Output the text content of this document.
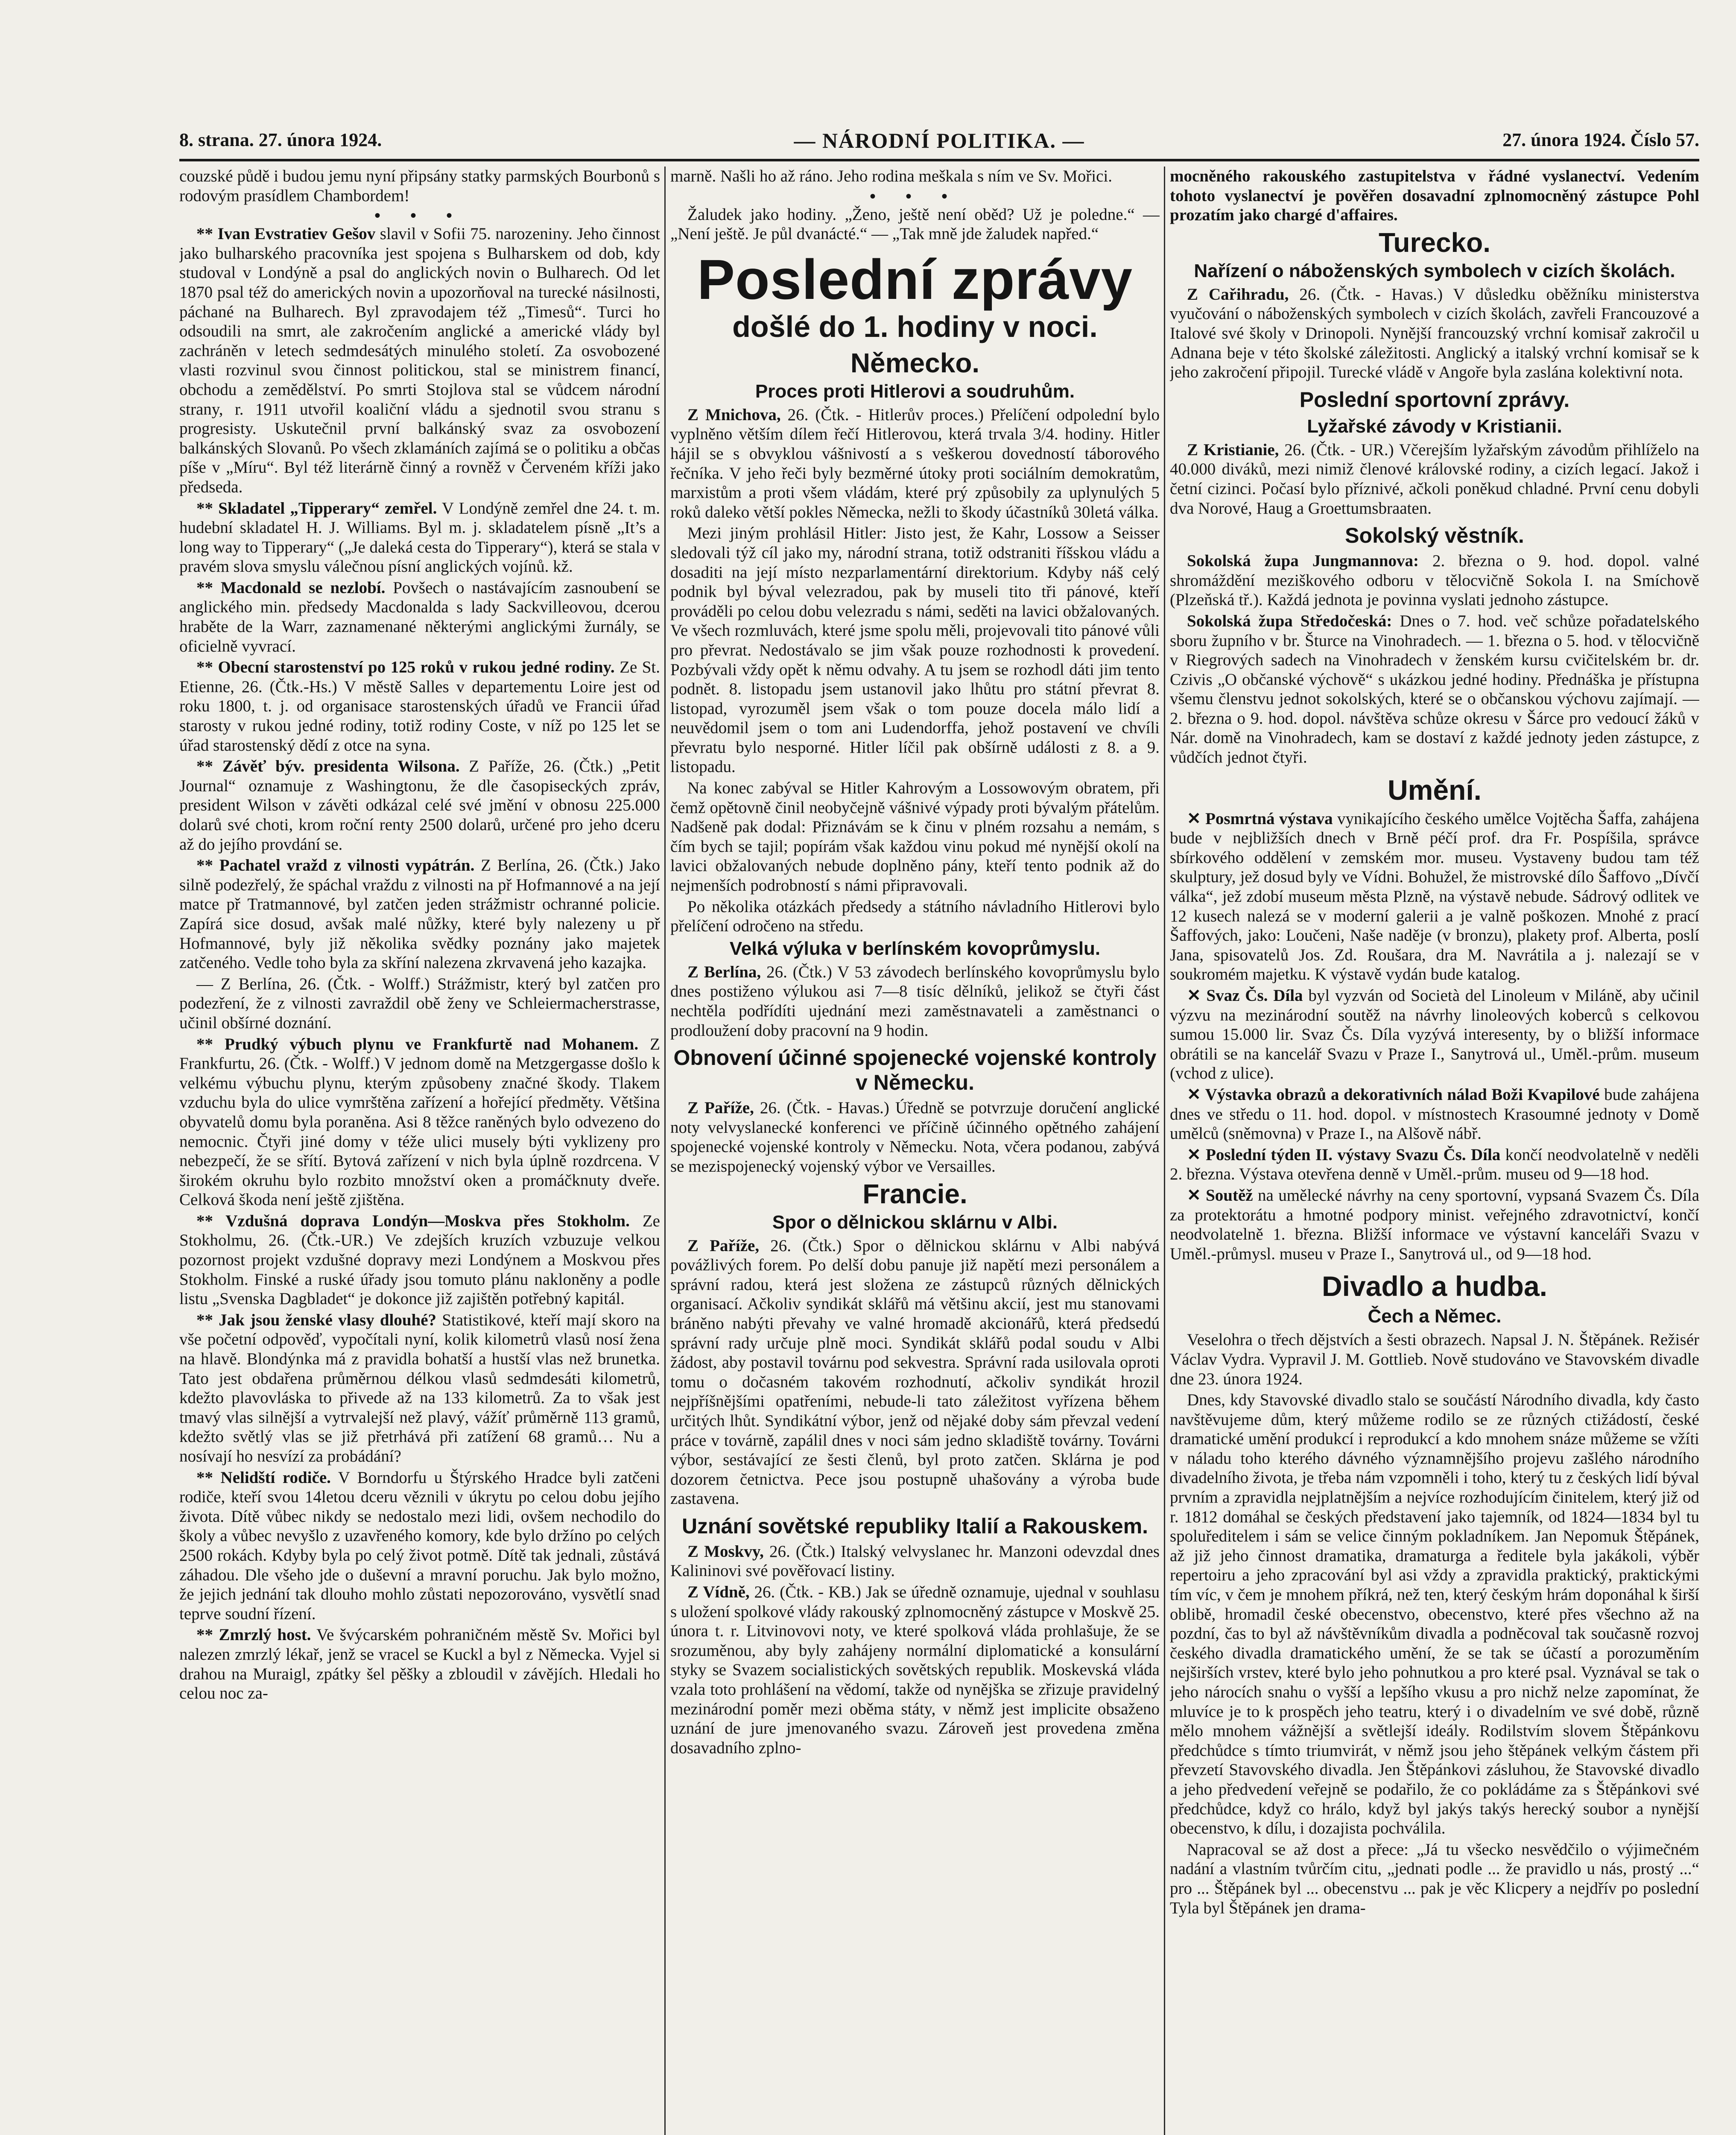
8. strana. 27. února 1924.	— NÁRODNÍ POLITIKA. —	27. února 1924. Číslo 57.

couzské půdě i budou jemu nyní připsány statky parmských Bourbonů s rodovým prasídlem Chambordem!

• • •

** Ivan Evstratiev Gešov slavil v Sofii 75. narozeniny. Jeho činnost jako bulharského pracovníka jest spojena s Bulharskem od dob, kdy studoval v Londýně a psal do anglických novin o Bulharech. Od let 1870 psal též do amerických novin a upozorňoval na turecké násilnosti, páchané na Bulharech. Byl zpravodajem též „Timesů“. Turci ho odsoudili na smrt, ale zakročením anglické a americké vlády byl zachráněn v letech sedmdesátých minulého století. Za osvobozené vlasti rozvinul svou činnost politickou, stal se ministrem financí, obchodu a zemědělství. Po smrti Stojlova stal se vůdcem národní strany, r. 1911 utvořil koaliční vládu a sjednotil svou stranu s progresisty. Uskutečnil první balkánský svaz za osvobození balkánských Slovanů. Po všech zklamáních zajímá se o politiku a občas píše v „Míru“. Byl též literárně činný a rovněž v Červeném kříži jako předseda.

** Skladatel „Tipperary“ zemřel. V Londýně zemřel dne 24. t. m. hudební skladatel H. J. Williams. Byl m. j. skladatelem písně „It’s a long way to Tipperary“ („Je daleká cesta do Tipperary“), která se stala v pravém slova smyslu válečnou písní anglických vojínů. kž.

** Macdonald se nezlobí. Povšech o nastávajícím zasnoubení se anglického min. předsedy Macdonalda s lady Sackvilleovou, dcerou hraběte de la Warr, zaznamenané některými anglickými žurnály, se oficielně vyvrací.

** Obecní starostenství po 125 roků v rukou jedné rodiny. Ze St. Etienne, 26. (Čtk.-Hs.) V městě Salles v departementu Loire jest od roku 1800, t. j. od organisace starostenských úřadů ve Francii úřad starosty v rukou jedné rodiny, totiž rodiny Coste, v níž po 125 let se úřad starostenský dědí z otce na syna.

** Závěť býv. presidenta Wilsona. Z Paříže, 26. (Čtk.) „Petit Journal“ oznamuje z Washingtonu, že dle časopiseckých zpráv, president Wilson v závěti odkázal celé své jmění v obnosu 225.000 dolarů své choti, krom roční renty 2500 dolarů, určené pro jeho dceru až do jejího provdání se.

** Pachatel vražd z vilnosti vypátrán. Z Berlína, 26. (Čtk.) Jako silně podezřelý, že spáchal vraždu z vilnosti na př Hofmannové a na její matce př Tratmannové, byl zatčen jeden strážmistr ochranné policie. Zapírá sice dosud, avšak malé nůžky, které byly nalezeny u př Hofmannové, byly již několika svědky poznány jako majetek zatčeného. Vedle toho byla za skříní nalezena zkrvavená jeho kazajka.

— Z Berlína, 26. (Čtk. - Wolff.) Strážmistr, který byl zatčen pro podezření, že z vilnosti zavraždil obě ženy ve Schleiermacherstrasse, učinil obšírné doznání.

** Prudký výbuch plynu ve Frankfurtě nad Mohanem. Z Frankfurtu, 26. (Čtk. - Wolff.) V jednom domě na Metzgergasse došlo k velkému výbuchu plynu, kterým způsobeny značné škody. Tlakem vzduchu byla do ulice vymrštěna zařízení a hořející předměty. Většina obyvatelů domu byla poraněna. Asi 8 těžce raněných bylo odvezeno do nemocnic. Čtyři jiné domy v téže ulici musely býti vyklizeny pro nebezpečí, že se sřítí. Bytová zařízení v nich byla úplně rozdrcena. V širokém okruhu bylo rozbito množství oken a promáčknuty dveře. Celková škoda není ještě zjištěna.

** Vzdušná doprava Londýn—Moskva přes Stokholm. Ze Stokholmu, 26. (Čtk.-UR.) Ve zdejších kruzích vzbuzuje velkou pozornost projekt vzdušné dopravy mezi Londýnem a Moskvou přes Stokholm. Finské a ruské úřady jsou tomuto plánu nakloněny a podle listu „Svenska Dagbladet“ je dokonce již zajištěn potřebný kapitál.

** Jak jsou ženské vlasy dlouhé? Statistikové, kteří mají skoro na vše početní odpověď, vypočítali nyní, kolik kilometrů vlasů nosí žena na hlavě. Blondýnka má z pravidla bohatší a hustší vlas než brunetka. Tato jest obdařena průměrnou délkou vlasů sedmdesáti kilometrů, kdežto plavovláska to přivede až na 133 kilometrů. Za to však jest tmavý vlas silnější a vytrvalejší než plavý, vážíť průměrně 113 gramů, kdežto světlý vlas se již přetrhává při zatížení 68 gramů… Nu a nosívají ho nesvízí za probádání?

** Nelidští rodiče. V Borndorfu u Štýrského Hradce byli zatčeni rodiče, kteří svou 14letou dceru věznili v úkrytu po celou dobu jejího života. Dítě vůbec nikdy se nedostalo mezi lidi, ovšem nechodilo do školy a vůbec nevyšlo z uzavřeného komory, kde bylo držíno po celých 2500 rokách. Kdyby byla po celý život potmě. Dítě tak jednali, zůstává záhadou. Dle všeho jde o duševní a mravní poruchu. Jak bylo možno, že jejich jednání tak dlouho mohlo zůstati nepozorováno, vysvětlí snad teprve soudní řízení.

** Zmrzlý host. Ve švýcarském pohraničném městě Sv. Mořici byl nalezen zmrzlý lékař, jenž se vracel se Kuckl a byl z Německa. Vyjel si drahou na Muraigl, zpátky šel pěšky a zbloudil v závějích. Hledali ho celou noc za-

marně. Našli ho až ráno. Jeho rodina meškala s ním ve Sv. Mořici.

• • •

Žaludek jako hodiny. „Ženo, ještě není oběd? Už je poledne.“ — „Není ještě. Je půl dvanácté.“ — „Tak mně jde žaludek napřed.“

Poslední zprávy
došlé do 1. hodiny v noci.
Německo.
Proces proti Hitlerovi a soudruhům.

Z Mnichova, 26. (Čtk. - Hitlerův proces.) Přelíčení odpolední bylo vyplněno větším dílem řečí Hitlerovou, která trvala 3/4. hodiny. Hitler hájil se s obvyklou vášnivostí a s veškerou dovedností táborového řečníka. V jeho řeči byly bezměrné útoky proti sociálním demokratům, marxistům a proti všem vládám, které prý způsobily za uplynulých 5 roků daleko větší pokles Německa, nežli to škody účastníků 30letá válka.

Mezi jiným prohlásil Hitler: Jisto jest, že Kahr, Lossow a Seisser sledovali týž cíl jako my, národní strana, totiž odstraniti říšskou vládu a dosaditi na její místo nezparlamentární direktorium. Kdyby náš celý podnik byl býval velezradou, pak by museli tito tři pánové, kteří prováděli po celou dobu velezradu s námi, seděti na lavici obžalovaných. Ve všech rozmluvách, které jsme spolu měli, projevovali tito pánové vůli pro převrat. Nedostávalo se jim však pouze rozhodnosti k provedení. Pozbývali vždy opět k němu odvahy. A tu jsem se rozhodl dáti jim tento podnět. 8. listopadu jsem ustanovil jako lhůtu pro státní převrat 8. listopad, vyrozuměl jsem však o tom pouze docela málo lidí a neuvědomil jsem o tom ani Ludendorffa, jehož postavení ve chvíli převratu bylo nesporné. Hitler líčil pak obšírně události z 8. a 9. listopadu.

Na konec zabýval se Hitler Kahrovým a Lossowovým obratem, při čemž opětovně činil neobyčejně vášnivé výpady proti bývalým přátelům. Nadšeně pak dodal: Přiznávám se k činu v plném rozsahu a nemám, s čím bych se tajil; popírám však každou vinu pokud mé nynější okolí na lavici obžalovaných nebude doplněno pány, kteří tento podnik až do nejmenších podrobností s námi připravovali.

Po několika otázkách předsedy a státního návladního Hitlerovi bylo přelíčení odročeno na středu.

Velká výluka v berlínském kovoprůmyslu.

Z Berlína, 26. (Čtk.) V 53 závodech berlínského kovoprůmyslu bylo dnes postiženo výlukou asi 7—8 tisíc dělníků, jelikož se čtyři část nechtěla podřídíti ujednání mezi zaměstnavateli a zaměstnanci o prodloužení doby pracovní na 9 hodin.

Obnovení účinné spojenecké vojenské kontroly v Německu.

Z Paříže, 26. (Čtk. - Havas.) Úředně se potvrzuje doručení anglické noty velvyslanecké konferenci ve příčině účinného opětného zahájení spojenecké vojenské kontroly v Německu. Nota, včera podanou, zabývá se mezispojenecký vojenský výbor ve Versailles.

Francie.
Spor o dělnickou sklárnu v Albi.

Z Paříže, 26. (Čtk.) Spor o dělnickou sklárnu v Albi nabývá povážlivých forem. Po delší dobu panuje již napětí mezi personálem a správní radou, která jest složena ze zástupců různých dělnických organisací. Ačkoliv syndikát sklářů má většinu akcií, jest mu stanovami bráněno nabýti převahy ve valné hromadě akcionářů, která předsedú správní rady určuje plně moci. Syndikát sklářů podal soudu v Albi žádost, aby postavil továrnu pod sekvestra. Správní rada usilovala oproti tomu o dočasném takovém rozhodnutí, ačkoliv syndikát hrozil nejpříšnějšími opatřeními, nebude-li tato záležitost vyřízena během určitých lhůt. Syndikátní výbor, jenž od nějaké doby sám převzal vedení práce v továrně, zapálil dnes v noci sám jedno skladiště továrny. Továrni výbor, sestávající ze šesti členů, byl proto zatčen. Sklárna je pod dozorem četnictva. Pece jsou postupně uhašovány a výroba bude zastavena.

Uznání sovětské republiky Italií a Rakouskem.

Z Moskvy, 26. (Čtk.) Italský velvyslanec hr. Manzoni odevzdal dnes Kalininovi své pověřovací listiny.

Z Vídně, 26. (Čtk. - KB.) Jak se úředně oznamuje, ujednal v souhlasu s uložení spolkové vlády rakouský zplnomocněný zástupce v Moskvě 25. února t. r. Litvinovovi noty, ve které spolková vláda prohlašuje, že se srozuměnou, aby byly zahájeny normální diplomatické a konsulární styky se Svazem socialistických sovětských republik. Moskevská vláda vzala toto prohlášení na vědomí, takže od nynějška se zřizuje pravidelný mezinárodní poměr mezi oběma státy, v němž jest implicite obsaženo uznání de jure jmenovaného svazu. Zároveň jest provedena změna dosavadního zplno-

mocněného rakouského zastupitelstva v řádné vyslanectví. Vedením tohoto vyslanectví je pověřen dosavadní zplnomocněný zástupce Pohl prozatím jako chargé d'affaires.

Turecko.
Nařízení o náboženských symbolech v cizích školách.

Z Cařihradu, 26. (Čtk. - Havas.) V důsledku oběžníku ministerstva vyučování o náboženských symbolech v cizích školách, zavřeli Francouzové a Italové své školy v Drinopoli. Nynější francouzský vrchní komisař zakročil u Adnana beje v této školské záležitosti. Anglický a italský vrchní komisař se k jeho zakročení připojil. Turecké vládě v Angoře byla zaslána kolektivní nota.

Poslední sportovní zprávy.
Lyžařské závody v Kristianii.

Z Kristianie, 26. (Čtk. - UR.) Včerejším lyžařským závodům přihlíželo na 40.000 diváků, mezi nimiž členové královské rodiny, a cizích legací. Jakož i četní cizinci. Počasí bylo příznivé, ačkoli poněkud chladné. První cenu dobyli dva Norové, Haug a Groettumsbraaten.

Sokolský věstník.

Sokolská župa Jungmannova: 2. března o 9. hod. dopol. valné shromáždění meziškového odboru v tělocvičně Sokola I. na Smíchově (Plzeňská tř.). Každá jednota je povinna vyslati jednoho zástupce.

Sokolská župa Středočeská: Dnes o 7. hod. več schůze pořadatelského sboru župního v br. Šturce na Vinohradech. — 1. března o 5. hod. v tělocvičně v Riegrových sadech na Vinohradech v ženském kursu cvičitelském br. dr. Czivis „O občanské výchově“ s ukázkou jedné hodiny. Přednáška je přístupna všemu členstvu jednot sokolských, které se o občanskou výchovu zajímají. — 2. března o 9. hod. dopol. návštěva schůze okresu v Šárce pro vedoucí žáků v Nár. domě na Vinohradech, kam se dostaví z každé jednoty jeden zástupce, z vůdčích jednot čtyři.

Umění.

✕ Posmrtná výstava vynikajícího českého umělce Vojtěcha Šaffa, zahájena bude v nejbližších dnech v Brně péčí prof. dra Fr. Pospíšila, správce sbírkového oddělení v zemském mor. museu. Vystaveny budou tam též skulptury, jež dosud byly ve Vídni. Bohužel, že mistrovské dílo Šaffovo „Dívčí válka“, jež zdobí museum města Plzně, na výstavě nebude. Sádrový odlitek ve 12 kusech nalezá se v moderní galerii a je valně poškozen. Mnohé z prací Šaffových, jako: Loučeni, Naše naděje (v bronzu), plakety prof. Alberta, poslí Jana, spisovatelů Jos. Zd. Roušara, dra M. Navrátila a j. nalezají se v soukromém majetku. K výstavě vydán bude katalog.

✕ Svaz Čs. Díla byl vyzván od Società del Linoleum v Miláně, aby učinil výzvu na mezinárodní soutěž na návrhy linoleových koberců s celkovou sumou 15.000 lir. Svaz Čs. Díla vyzývá interesenty, by o bližší informace obrátili se na kancelář Svazu v Praze I., Sanytrová ul., Uměl.-prům. museum (vchod z ulice).

✕ Výstavka obrazů a dekorativních nálad Boži Kvapilové bude zahájena dnes ve středu o 11. hod. dopol. v místnostech Krasoumné jednoty v Domě umělců (sněmovna) v Praze I., na Alšově nábř.

✕ Poslední týden II. výstavy Svazu Čs. Díla končí neodvolatelně v neděli 2. března. Výstava otevřena denně v Uměl.-prům. museu od 9—18 hod.

✕ Soutěž na umělecké návrhy na ceny sportovní, vypsaná Svazem Čs. Díla za protektorátu a hmotné podpory minist. veřejného zdravotnictví, končí neodvolatelně 1. března. Bližší informace ve výstavní kanceláři Svazu v Uměl.-průmysl. museu v Praze I., Sanytrová ul., od 9—18 hod.

Divadlo a hudba.
Čech a Němec.

Veselohra o třech dějstvích a šesti obrazech. Napsal J. N. Štěpánek. Režisér Václav Vydra. Vypravil J. M. Gottlieb. Nově studováno ve Stavovském divadle dne 23. února 1924.

Dnes, kdy Stavovské divadlo stalo se součástí Národního divadla, kdy často navštěvujeme dům, který můžeme rodilo se ze různých ctižádostí, české dramatické umění produkcí i reprodukcí a kdo mnohem snáze můžeme se vžíti v náladu toho kterého dávného významnějšího projevu zašlého národního divadelního života, je třeba nám vzpomněli i toho, který tu z českých lidí býval prvním a zpravidla nejplatnějším a nejvíce rozhodujícím činitelem, který již od r. 1812 domáhal se českých představení jako tajemník, od 1824—1834 byl tu spoluředitelem i sám se velice činným pokladníkem. Jan Nepomuk Štěpánek, až již jeho činnost dramatika, dramaturga a ředitele byla jakákoli, výběr repertoiru a jeho zpracování byl asi vždy a zpravidla praktický, praktickými tím víc, v čem je mnohem příkrá, než ten, který českým hrám doponáhal k širší oblibě, hromadil české obecenstvo, obecenstvo, které přes všechno až na pozdní, čas to byl až návštěvníkům divadla a podněcoval tak současně rozvoj českého divadla dramatického umění, že se tak se účastí a porozuměním nejširších vrstev, které bylo jeho pohnutkou a pro které psal. Vyznával se tak o jeho nárocích snahu o vyšší a lepšího vkusu a pro nichž nelze zapomínat, že mluvíce je to k prospěch jeho teatru, který i o divadelním ve své době, různě mělo mnohem vážnější a světlejší ideály. Rodilstvím slovem Štěpánkovu předchůdce s tímto triumvirát, v němž jsou jeho štěpánek velkým částem při převzetí Stavovského divadla. Jen Štěpánkovi zásluhou, že Stavovské divadlo a jeho předvedení veřejně se podařilo, že co pokládáme za s Štěpánkovi své předchůdce, když co hrálo, když byl jakýs takýs herecký soubor a nynější obecenstvo, k dílu, i dozajista pochválila.

Napracoval se až dost a přece: „Já tu všecko nesvědčilo o výjimečném nadání a vlastním tvůrčím citu, „jednati podle ... že pravidlo u nás, prostý ...“ pro ... Štěpánek byl ... obecenstvu ... pak je věc Klicpery a nejdřív po poslední Tyla byl Štěpánek jen drama-
